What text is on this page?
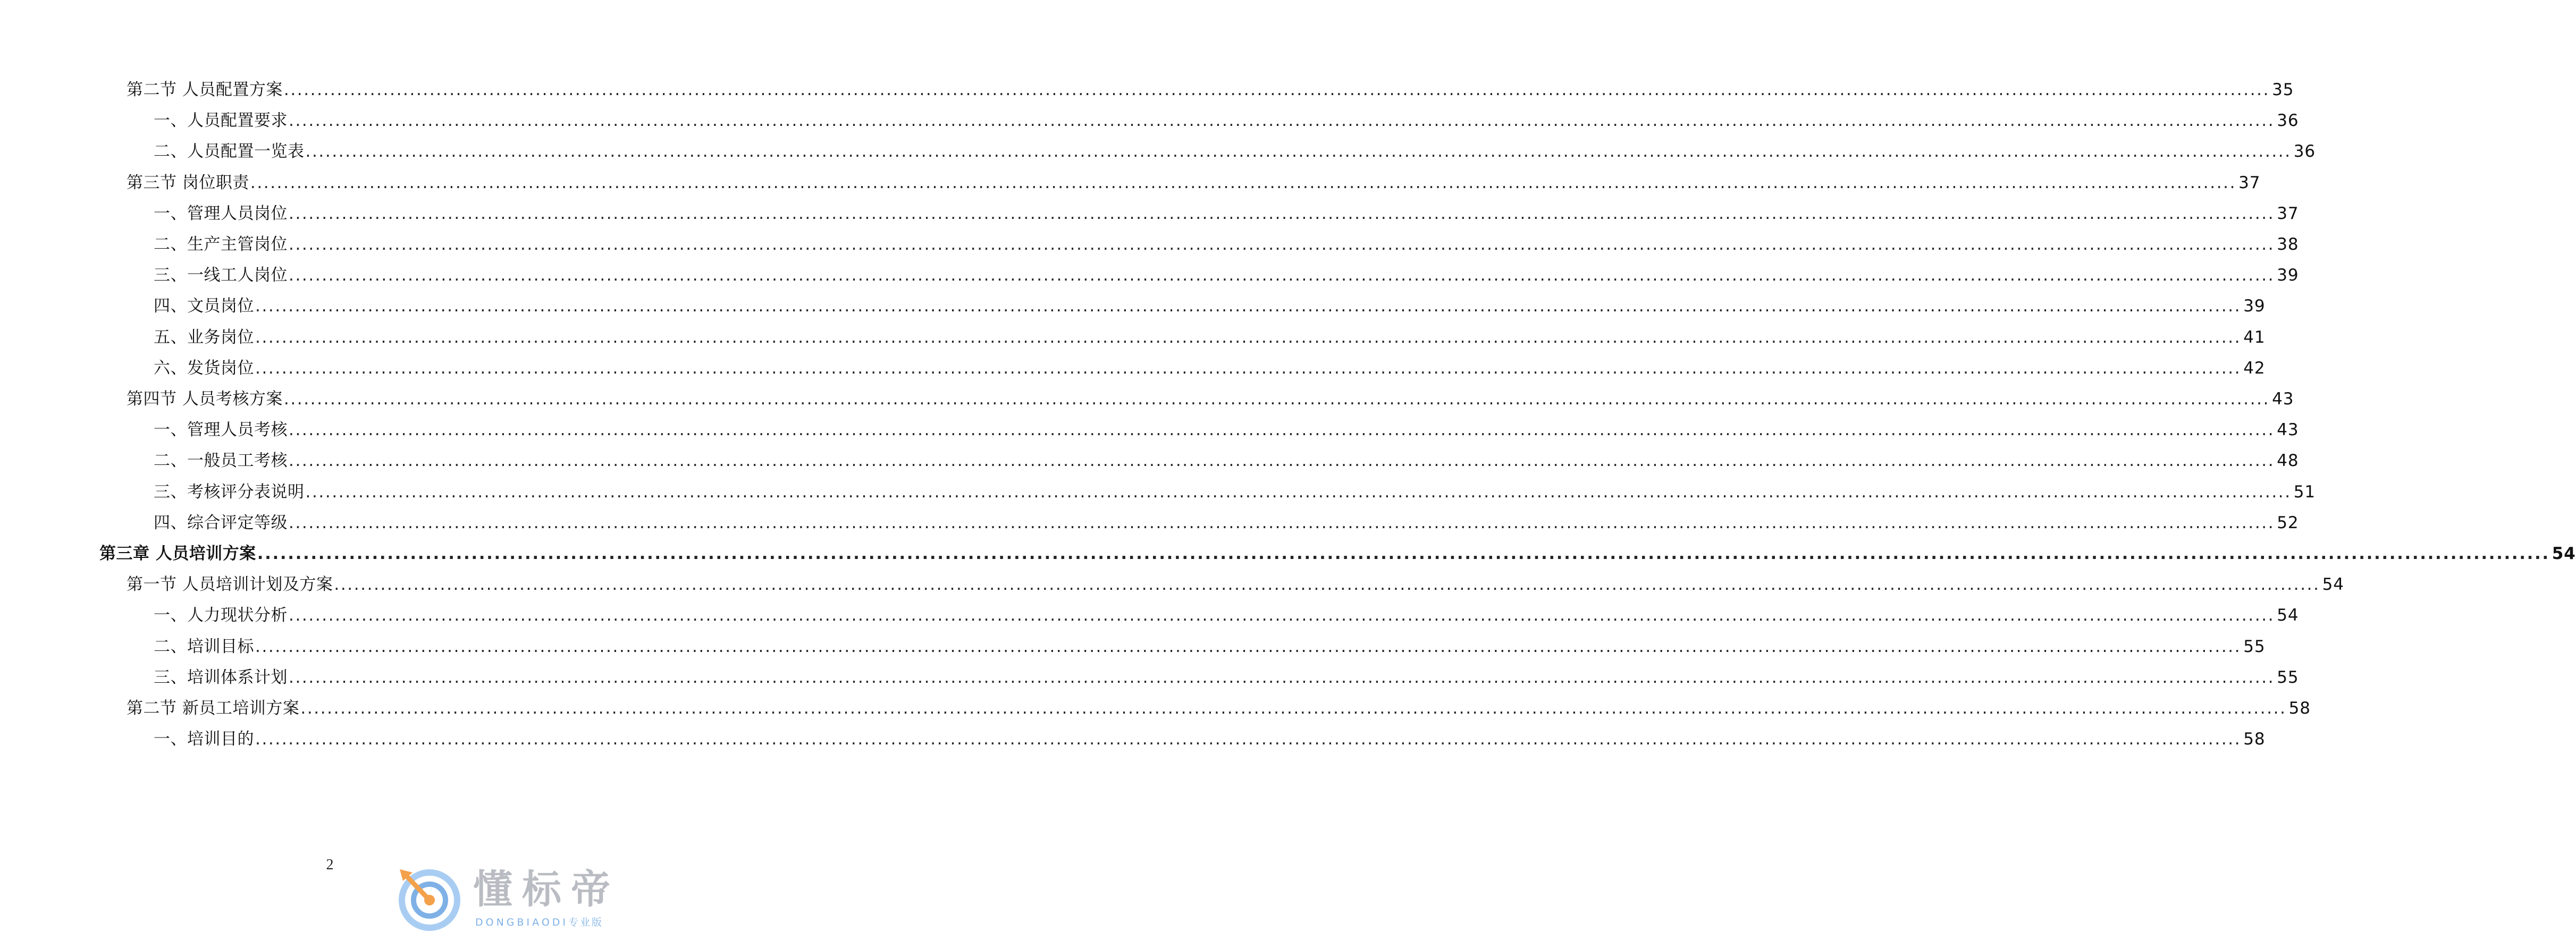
第二节 人员配置方案 ............................................................................................................................................................................................................................................................................................................ 35
一、人员配置要求 ............................................................................................................................................................................................................................................................................................................ 36
二、人员配置一览表 ............................................................................................................................................................................................................................................................................................................ 36
第三节 岗位职责 ............................................................................................................................................................................................................................................................................................................ 37
一、管理人员岗位 ............................................................................................................................................................................................................................................................................................................ 37
二、生产主管岗位 ............................................................................................................................................................................................................................................................................................................ 38
三、一线工人岗位 ............................................................................................................................................................................................................................................................................................................ 39
四、文员岗位 ............................................................................................................................................................................................................................................................................................................ 39
五、业务岗位 ............................................................................................................................................................................................................................................................................................................ 41
六、发货岗位 ............................................................................................................................................................................................................................................................................................................ 42
第四节 人员考核方案 ............................................................................................................................................................................................................................................................................................................ 43
一、管理人员考核 ............................................................................................................................................................................................................................................................................................................ 43
二、一般员工考核 ............................................................................................................................................................................................................................................................................................................ 48
三、考核评分表说明 ............................................................................................................................................................................................................................................................................................................ 51
四、综合评定等级 ............................................................................................................................................................................................................................................................................................................ 52
第三章 人员培训方案 ............................................................................................................................................................................................................................................................................................................ 54
第一节 人员培训计划及方案 ............................................................................................................................................................................................................................................................................................................ 54
一、人力现状分析 ............................................................................................................................................................................................................................................................................................................ 54
二、培训目标 ............................................................................................................................................................................................................................................................................................................ 55
三、培训体系计划 ............................................................................................................................................................................................................................................................................................................ 55
第二节 新员工培训方案 ............................................................................................................................................................................................................................................................................................................ 58
一、培训目的 ............................................................................................................................................................................................................................................................................................................ 58
2
懂标帝
DONGBIAODI专业版
